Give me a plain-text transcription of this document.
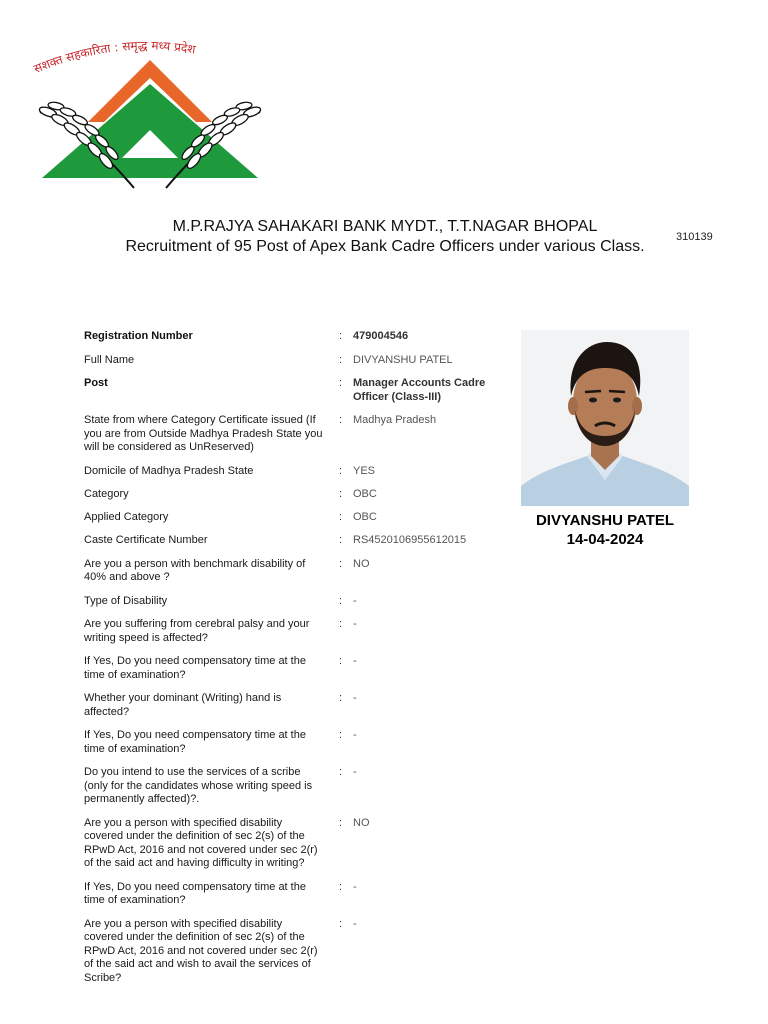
सशक्त सहकारिता : समृद्ध मध्य प्रदेश
M.P.RAJYA SAHAKARI BANK MYDT., T.T.NAGAR BHOPAL
Recruitment of 95 Post of Apex Bank Cadre Officers under various Class.
310139
Registration Number	: 479004546
Full Name	: DIVYANSHU PATEL
Post	: Manager Accounts Cadre Officer (Class-III)
State from where Category Certificate issued (If you are from Outside Madhya Pradesh State you will be considered as UnReserved)
: Madhya Pradesh
Domicile of Madhya Pradesh State	: YES
Category	: OBC
Applied Category	: OBC
Caste Certificate Number	: RS4520106955612015
Are you a person with benchmark disability of 40% and above ?
: NO
Type of Disability	: -
Are you suffering from cerebral palsy and your writing speed is affected?
: -
If Yes, Do you need compensatory time at the time of examination?
: -
Whether your dominant (Writing) hand is affected?
: -
If Yes, Do you need compensatory time at the time of examination?
: -
Do you intend to use the services of a scribe (only for the candidates whose writing speed is permanently affected)?.
: -
Are you a person with specified disability covered under the definition of sec 2(s) of the RPwD Act, 2016 and not covered under sec 2(r) of the said act and having difficulty in writing?
: NO
If Yes, Do you need compensatory time at the time of examination?
: -
Are you a person with specified disability covered under the definition of sec 2(s) of the RPwD Act, 2016 and not covered under sec 2(r) of the said act and wish to avail the services of Scribe?
: -
DIVYANSHU PATEL
14-04-2024
